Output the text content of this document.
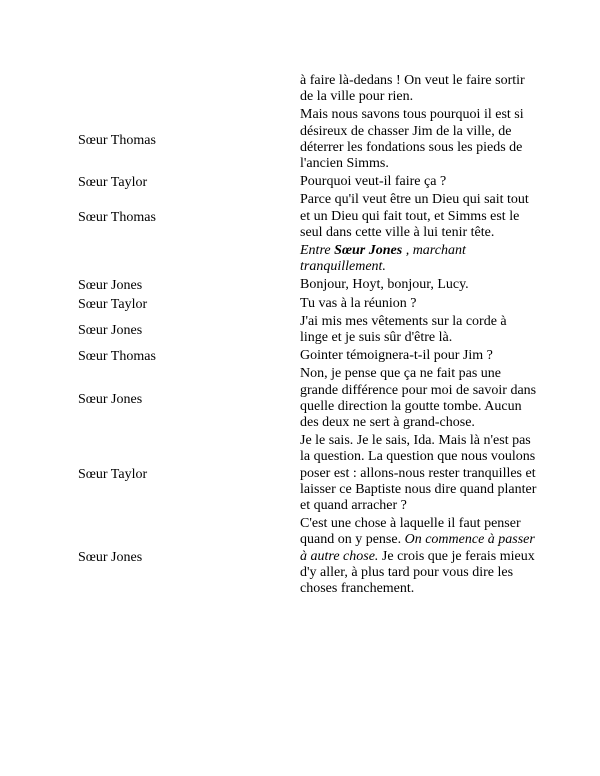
	à faire là-dedans ! On veut le faire sortir de la ville pour rien.
Sœur Thomas	Mais nous savons tous pourquoi il est si désireux de chasser Jim de la ville, de déterrer les fondations sous les pieds de l'ancien Simms.
Sœur Taylor	Pourquoi veut-il faire ça ?
Sœur Thomas	Parce qu'il veut être un Dieu qui sait tout et un Dieu qui fait tout, et Simms est le seul dans cette ville à lui tenir tête.
	Entre Sœur Jones , marchant tranquillement.
Sœur Jones	Bonjour, Hoyt, bonjour, Lucy.
Sœur Taylor	Tu vas à la réunion ?
Sœur Jones	J'ai mis mes vêtements sur la corde à linge et je suis sûr d'être là.
Sœur Thomas	Gointer témoignera-t-il pour Jim ?
Sœur Jones	Non, je pense que ça ne fait pas une grande différence pour moi de savoir dans quelle direction la goutte tombe. Aucun des deux ne sert à grand-chose.
Sœur Taylor	Je le sais. Je le sais, Ida. Mais là n'est pas la question. La question que nous voulons poser est : allons-nous rester tranquilles et laisser ce Baptiste nous dire quand planter et quand arracher ?
Sœur Jones	C'est une chose à laquelle il faut penser quand on y pense. On commence à passer à autre chose. Je crois que je ferais mieux d'y aller, à plus tard pour vous dire les choses franchement.
